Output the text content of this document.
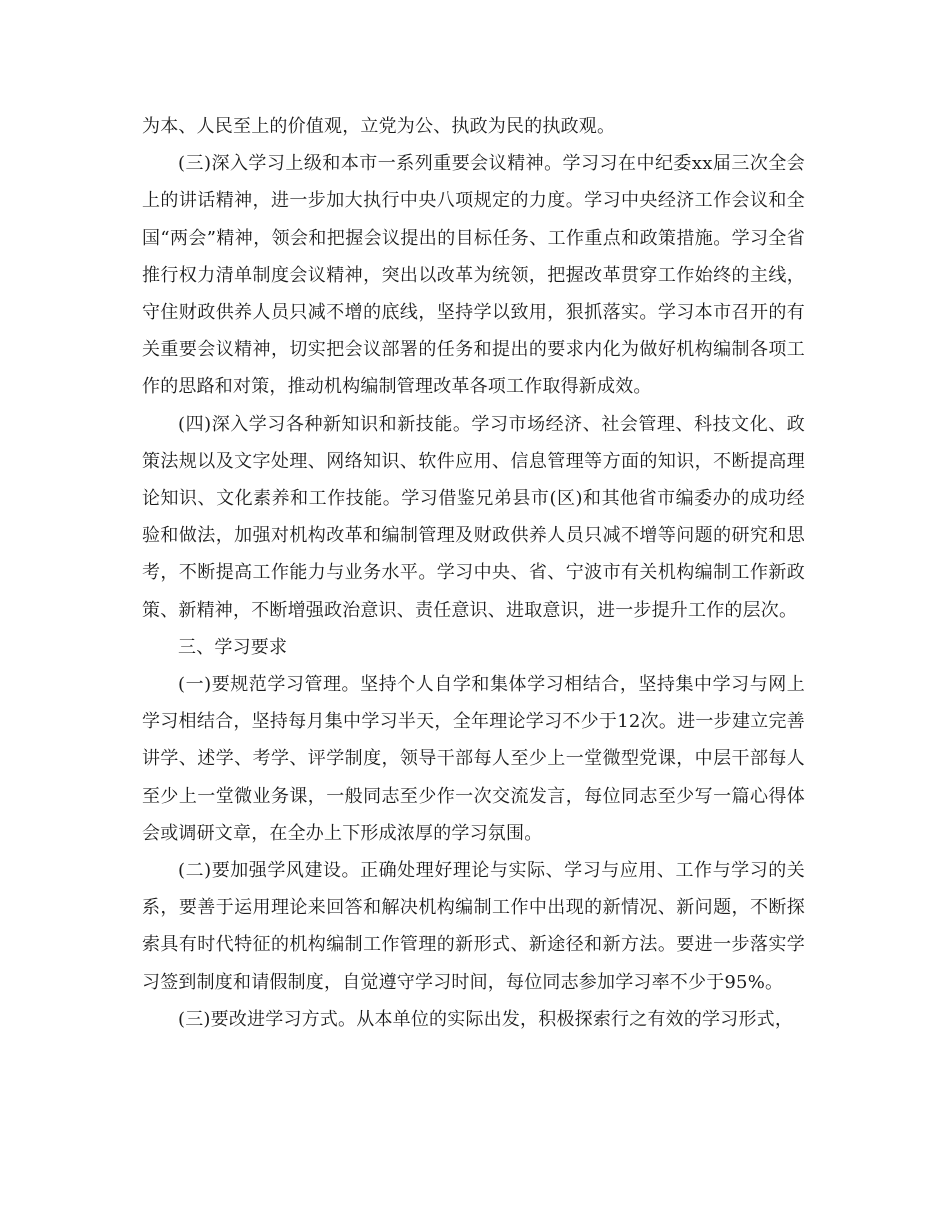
为本、人民至上的价值观，立党为公、执政为民的执政观。

(三)深入学习上级和本市一系列重要会议精神。学习习在中纪委xx届三次全会上的讲话精神，进一步加大执行中央八项规定的力度。学习中央经济工作会议和全国“两会”精神，领会和把握会议提出的目标任务、工作重点和政策措施。学习全省推行权力清单制度会议精神，突出以改革为统领，把握改革贯穿工作始终的主线，守住财政供养人员只减不增的底线，坚持学以致用，狠抓落实。学习本市召开的有关重要会议精神，切实把会议部署的任务和提出的要求内化为做好机构编制各项工作的思路和对策，推动机构编制管理改革各项工作取得新成效。

(四)深入学习各种新知识和新技能。学习市场经济、社会管理、科技文化、政策法规以及文字处理、网络知识、软件应用、信息管理等方面的知识，不断提高理论知识、文化素养和工作技能。学习借鉴兄弟县市(区)和其他省市编委办的成功经验和做法，加强对机构改革和编制管理及财政供养人员只减不增等问题的研究和思考，不断提高工作能力与业务水平。学习中央、省、宁波市有关机构编制工作新政策、新精神，不断增强政治意识、责任意识、进取意识，进一步提升工作的层次。

三、学习要求

(一)要规范学习管理。坚持个人自学和集体学习相结合，坚持集中学习与网上学习相结合，坚持每月集中学习半天，全年理论学习不少于12次。进一步建立完善讲学、述学、考学、评学制度，领导干部每人至少上一堂微型党课，中层干部每人至少上一堂微业务课，一般同志至少作一次交流发言，每位同志至少写一篇心得体会或调研文章，在全办上下形成浓厚的学习氛围。

(二)要加强学风建设。正确处理好理论与实际、学习与应用、工作与学习的关系，要善于运用理论来回答和解决机构编制工作中出现的新情况、新问题，不断探索具有时代特征的机构编制工作管理的新形式、新途径和新方法。要进一步落实学习签到制度和请假制度，自觉遵守学习时间，每位同志参加学习率不少于95%。

(三)要改进学习方式。从本单位的实际出发，积极探索行之有效的学习形式，
